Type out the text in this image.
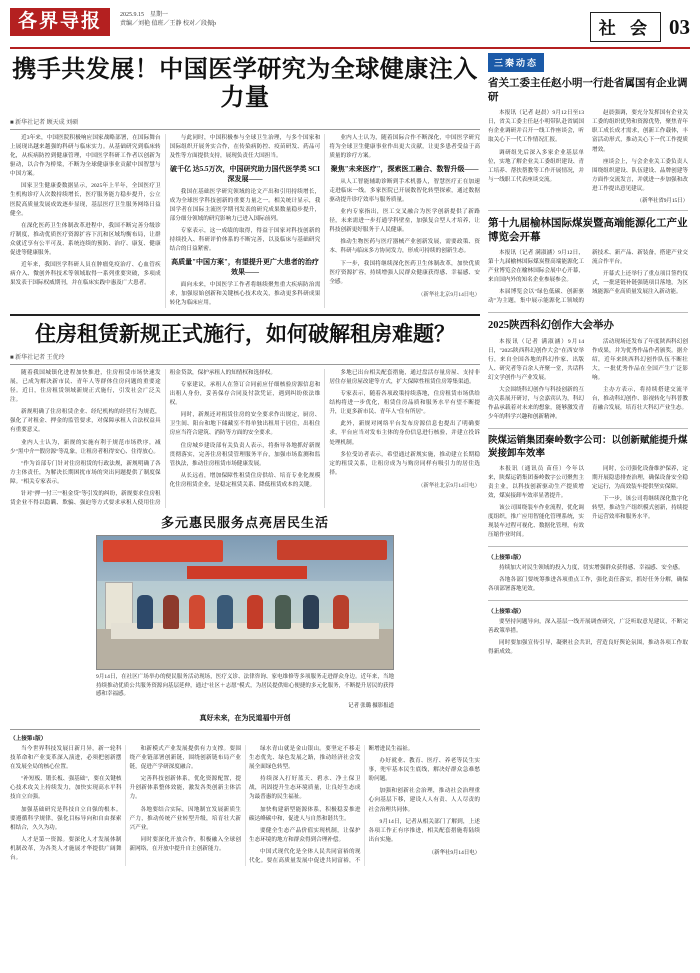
各界导报	2025.9.15 星期一
责编／刘艳 值班／王静 校对／段振þ	社 会 03
携手共发展！中国医学研究为全球健康注入力量
■ 新华社记者 顾天成 刘硕

近3年来，中国医院积极响应国家战略部署，在国际舞台上展现出越来越强的科研与临床实力。从基础研究到临床转化，从疾病防控到健康管理，中国医学科研工作者以创新为驱动，以合作为桥梁，不断为全球健康事业贡献中国智慧与中国方案。

国家卫生健康委数据显示，2025年上半年，全国医疗卫生机构诊疗人次数持续增长，医疗服务能力稳步提升，公立医院高质量发展成效逐步显现，基层医疗卫生服务网络日益健全。

在深化医药卫生体制改革进程中，我国不断完善分级诊疗制度，推动优质医疗资源扩容下沉和区域均衡布局，让群众就近享有公平可及、系统连续的预防、治疗、康复、健康促进等健康服务。

近年来，我国医学科研人员在肿瘤免疫治疗、心血管疾病介入、微创外科技术等领域取得一系列重要突破，多项成果发表于国际权威期刊，并在临床实践中惠及广大患者。

与此同时，中国积极参与全球卫生治理，与多个国家和国际组织开展务实合作，在传染病防控、疫苗研发、药品可及性等方面提供支持，展现负责任大国担当。

破千亿 达5.5万次，中国研究助力国代医学类 SCI 深发展——

我国在基础医学研究领域的论文产出和引用持续增长，成为全球医学科技创新的重要力量之一。相关统计显示，我国学者在国际主流医学期刊发表的研究成果数量稳步提升，部分细分领域的研究影响力已进入国际前列。

专家表示，这一成绩的取得，得益于国家对科技创新的持续投入、科研评价体系的不断完善，以及临床与基础研究结合的日益紧密。

高质量"中国方案"，有望提升更广大患者的治疗效果——

面向未来，中国医学工作者将继续聚焦重大疾病防治需求，加强原始创新和关键核心技术攻关，推动更多科研成果转化为临床应用。

业内人士认为，随着国际合作不断深化，中国医学研究将为全球卫生健康事业作出更大贡献，让更多患者受益于高质量的诊疗方案。

聚焦"未来医疗"，探索医工融合、数智升级——

从人工智能辅助诊断到手术机器人，智慧医疗正在加速走进临床一线。多家医院已开展数智化转型探索，通过数据驱动提升诊疗效率与服务质量。

业内专家指出，医工交叉融合为医学创新提供了新路径，未来需进一步打通学科壁垒，加强复合型人才培养，让科技创新更好服务于人民健康。

推动生物医药与医疗器械产业创新发展，需要政策、资本、科研与临床多方协同发力，形成可持续的创新生态。

下一步，我国将继续深化医药卫生体制改革，加快优质医疗资源扩容，持续增强人民群众健康获得感、幸福感、安全感。

（新华社北京9月14日电）
住房租赁新规正式施行，如何破解租房难题？
■ 新华社记者 王优玲

随着我国城镇化进程加快推进，住房租赁市场快速发展，已成为解决新市民、青年人等群体住房问题的重要途径。近日，住房租赁领域新规正式施行，引发社会广泛关注。

新规明确了住房租赁企业、经纪机构的经营行为规范，强化了对租金、押金的监管要求，对保障承租人合法权益具有重要意义。

业内人士认为，新规的实施有利于规范市场秩序，减少"黑中介""假房源"等乱象，让租房者租得安心、住得放心。

"作为首部专门针对住房租赁的行政法规，新规明确了各方主体责任，为解决长期困扰市场的突出问题提供了制度保障。"相关专家表示。

针对"押一付三""租金贷"等引发的纠纷，新规要求住房租赁企业不得以隐瞒、欺骗、强迫等方式要求承租人使用住房租金贷款，保护承租人的知情权和选择权。

专家建议，承租人在签订合同前应仔细核验房源信息和出租人身份，妥善保存合同及付款凭证，遇到纠纷依法维权。

同时，新规还对租赁住房的安全要求作出规定，厨房、卫生间、阳台和地下储藏室不得单独出租用于居住，出租住房应当符合建筑、消防等方面的安全要求。

住房城乡建设部有关负责人表示，将指导各地抓好新规贯彻落实，完善住房租赁管理服务平台，加强市场监测和监管执法，推动住房租赁市场健康发展。

从长远看，增加保障性租赁住房供给、培育专业化规模化住房租赁企业，是稳定租赁关系、降低租赁成本的关键。

多地已出台相关配套措施，通过盘活存量房屋、支持非居住存量房屋改建等方式，扩大保障性租赁住房筹集渠道。

专家表示，随着各项政策持续落地，住房租赁市场供给结构将进一步优化，租赁住房品质和服务水平有望不断提升，让更多新市民、青年人"住有所居"。

此外，新规对网络平台发布房源信息也提出了明确要求，平台应当对发布主体的身份信息进行核验，并建立投诉处理机制。

多位受访者表示，希望通过新规实施，推动建立长期稳定的租赁关系，让租房成为与购房同样有吸引力的居住选择。

（新华社北京9月14日电）
多元惠民服务点亮居民生活
9月14日，在社区广场举办的便民服务活动现场，医疗义诊、法律咨询、家电维修等多项服务走进群众身边。近年来，当地持续推动优质公共服务资源向基层延伸，通过"社区＋志愿"模式，为居民提供贴心便捷的多元化服务，不断提升居民的获得感和幸福感。
记者 张璐 摄影报道
真好未来，在为民道福中开创
（上接第1版）

当今世界科技发展日新月异，新一轮科技革命和产业变革深入演进，必须把创新摆在发展全局的核心位置。

"补短板、锻长板、强基础"，要在关键核心技术攻关上持续发力，加快实现高水平科技自立自强。

加强基础研究是科技自立自强的根本。要遵循科学规律，强化目标导向和自由探索相结合，久久为功。

人才是第一资源。要深化人才发展体制机制改革，为各类人才施展才华提供广阔舞台。

和新模式产业发展提供有力支撑。要围绕产业链部署创新链，围绕创新链布局产业链，促进产学研深度融合。

完善科技创新体系，优化资源配置，提升创新体系整体效能，激发各类创新主体活力。

各地要结合实际，因地制宜发展新质生产力，推动传统产业转型升级，培育壮大新兴产业。

同时要深化开放合作，积极融入全球创新网络，在开放中提升自主创新能力。

绿水青山就是金山银山。要坚定不移走生态优先、绿色发展之路，推动经济社会发展全面绿色转型。

持续深入打好蓝天、碧水、净土保卫战，巩固提升生态环境质量，让良好生态成为最普惠的民生福祉。

加快构建新型能源体系，积极稳妥推进碳达峰碳中和，促进人与自然和谐共生。

要健全生态产品价值实现机制，让保护生态环境的地方和群众得到合理补偿。

中国式现代化是全体人民共同富裕的现代化。要在高质量发展中促进共同富裕，不断增进民生福祉。

办好就业、教育、医疗、养老等民生实事，兜牢基本民生底线，解决好群众急难愁盼问题。

加强和创新社会治理，推动社会治理重心向基层下移，建设人人有责、人人尽责的社会治理共同体。

9月14日，记者从相关部门了解到，上述各项工作正有序推进，相关配套措施将陆续出台实施。

（新华社9月14日电）
三秦动态
省关工委主任赵小明一行赴省属国有企业调研

本报讯（记者 赵晨）9月12日至13日，省关工委主任赵小明带队赴省属国有企业调研并召开一线工作座谈会，听取关心下一代工作情况汇报。

调研组先后深入多家企业基层单位，实地了解企业关工委组织建设、青工培养、帮扶帮教等工作开展情况，并与一线职工代表座谈交流。

赵晨强调，要充分发挥国有企业关工委的组织优势和资源优势，聚焦青年职工成长成才需求，创新工作载体，丰富活动形式，推动关心下一代工作提质增效。

座谈会上，与会企业关工委负责人围绕组织建设、队伍建设、品牌创建等方面作交流发言，并就进一步加强和改进工作提出意见建议。

（新华社省9月15日）
第十九届榆林国际煤炭暨高端能源化工产业博览会开幕

本报讯（记者 满淑涵）9月12日，第十九届榆林国际煤炭暨高端能源化工产业博览会在榆林国际会展中心开幕，来自国内外的知名企业参展参会。

本届博览会以"绿色低碳、创新驱动"为主题，集中展示能源化工领域的新技术、新产品、新装备，搭建产业交流合作平台。

开幕式上还举行了重点项目签约仪式，一批延链补链强链项目落地，为区域能源产业高质量发展注入新动能。

2025陕西科幻创作大会举办

本报讯（记者 满淑涵）9月14日，"2025陕西科幻创作大会"在西安举行，来自全国各地的科幻作家、出版人、研究者等百余人齐聚一堂，共话科幻文学创作与产业发展。

大会围绕科幻创作与科技创新的互动关系展开研讨，与会嘉宾认为，科幻作品承载着对未来的想象，能够激发青少年的科学兴趣和创新精神。

活动现场还发布了年度陕西科幻创作成果，并为优秀作品作者颁奖。据介绍，近年来陕西科幻创作队伍不断壮大，一批优秀作品在全国产生广泛影响。

主办方表示，将持续搭建交流平台，推动科幻创作、影视转化与科普教育融合发展，培育壮大科幻产业生态。

陕煤运销集团秦岭数字公司：以创新赋能提升煤炭接卸车效率

本报讯（通讯员 苗佳）今年以来，陕煤运销集团秦岭数字公司聚焦主责主业，以科技创新驱动生产提质增效，煤炭接卸车效率显著提升。

该公司围绕装车作业流程，优化调度组织，推广应用智能化管理系统，实现装车过程可视化、数据化管理，有效压缩作业时间。

同时，公司强化设备维护保养，定期开展隐患排查治理，确保设备安全稳定运行，为高效装车提供坚实保障。

下一步，该公司将继续深化数字化转型，推动生产组织模式创新，持续提升运营效率和服务水平。

（上接第1版）

持续加大对民生领域的投入力度，切实增强群众获得感、幸福感、安全感。

各地各部门要统筹推进各项重点工作，强化责任落实，抓好任务分解，确保各项部署落地见效。

（上接第3版）

要坚持问题导向，深入基层一线开展调查研究，广泛听取意见建议，不断完善政策举措。

同时要加强宣传引导，凝聚社会共识，营造良好舆论氛围，推动各项工作取得新成效。
